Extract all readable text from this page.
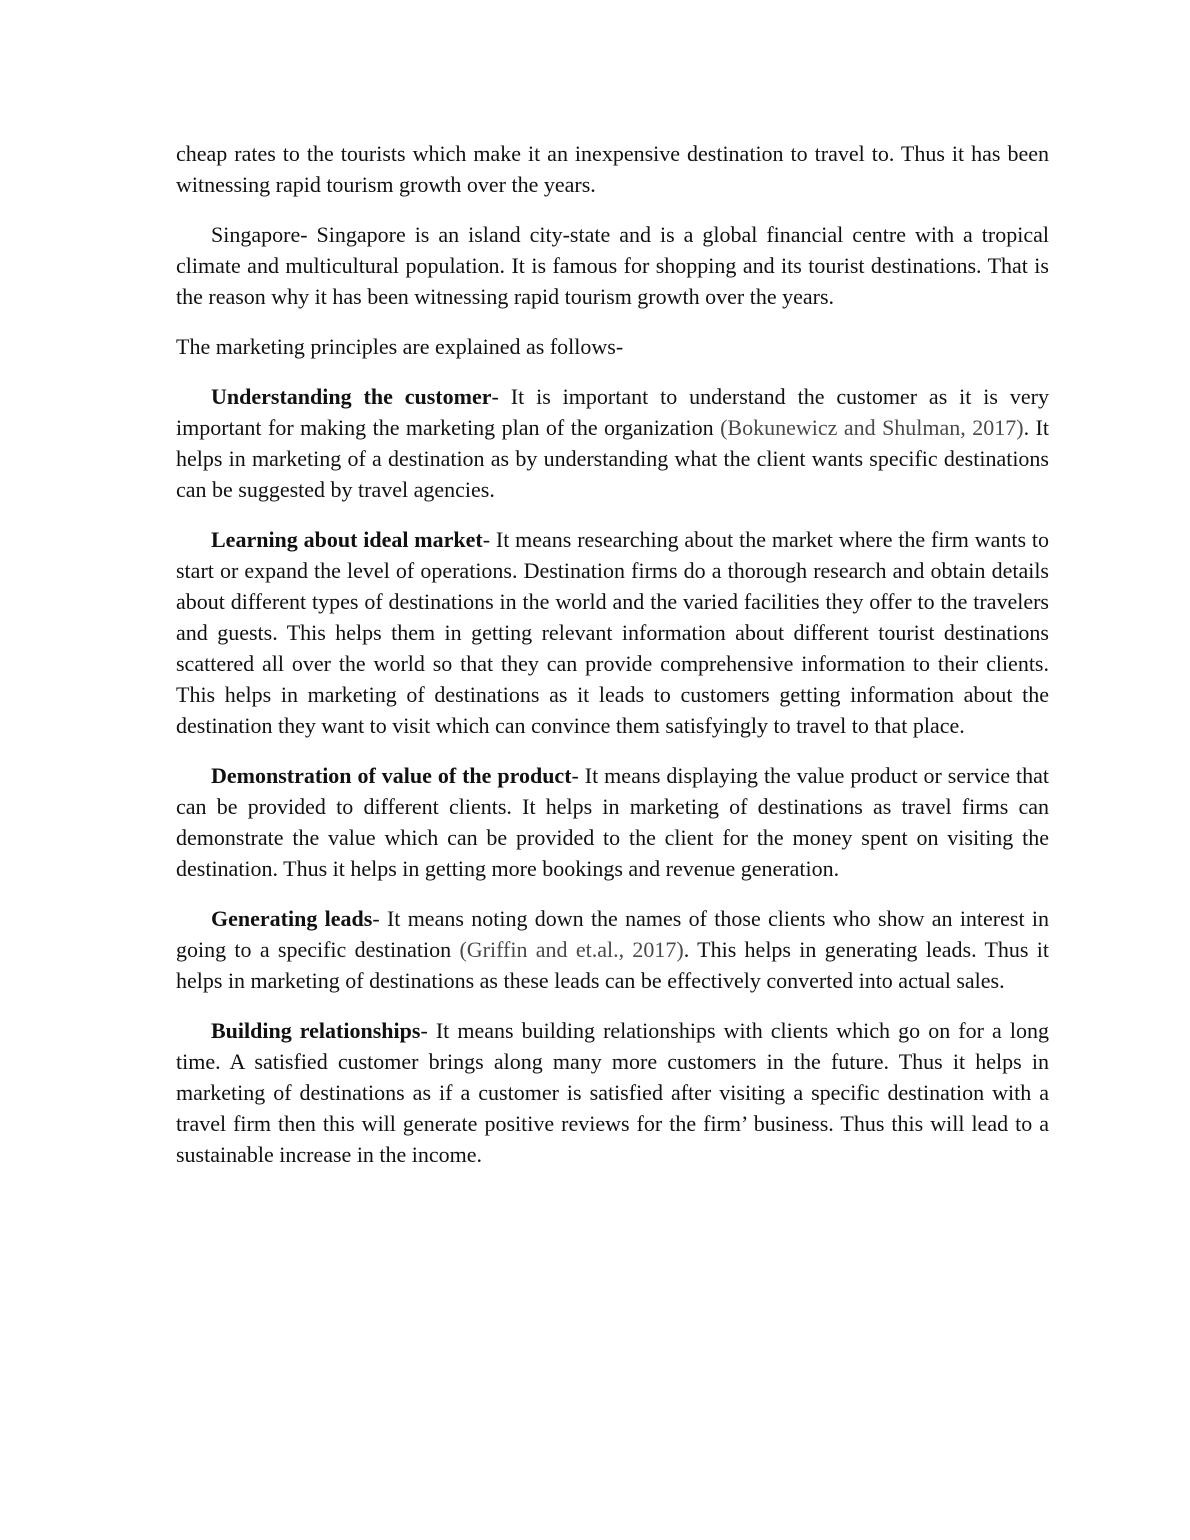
cheap rates to the tourists which make it an inexpensive destination to travel to. Thus it has been witnessing rapid tourism growth over the years.

Singapore- Singapore is an island city-state and is a global financial centre with a tropical climate and multicultural population. It is famous for shopping and its tourist destinations. That is the reason why it has been witnessing rapid tourism growth over the years.

The marketing principles are explained as follows-

Understanding the customer- It is important to understand the customer as it is very important for making the marketing plan of the organization (Bokunewicz and Shulman, 2017). It helps in marketing of a destination as by understanding what the client wants specific destinations can be suggested by travel agencies.

Learning about ideal market- It means researching about the market where the firm wants to start or expand the level of operations. Destination firms do a thorough research and obtain details about different types of destinations in the world and the varied facilities they offer to the travelers and guests. This helps them in getting relevant information about different tourist destinations scattered all over the world so that they can provide comprehensive information to their clients. This helps in marketing of destinations as it leads to customers getting information about the destination they want to visit which can convince them satisfyingly to travel to that place.

Demonstration of value of the product- It means displaying the value product or service that can be provided to different clients. It helps in marketing of destinations as travel firms can demonstrate the value which can be provided to the client for the money spent on visiting the destination. Thus it helps in getting more bookings and revenue generation.

Generating leads- It means noting down the names of those clients who show an interest in going to a specific destination (Griffin and et.al., 2017). This helps in generating leads. Thus it helps in marketing of destinations as these leads can be effectively converted into actual sales.

Building relationships- It means building relationships with clients which go on for a long time. A satisfied customer brings along many more customers in the future. Thus it helps in marketing of destinations as if a customer is satisfied after visiting a specific destination with a travel firm then this will generate positive reviews for the firm’ business. Thus this will lead to a sustainable increase in the income.
